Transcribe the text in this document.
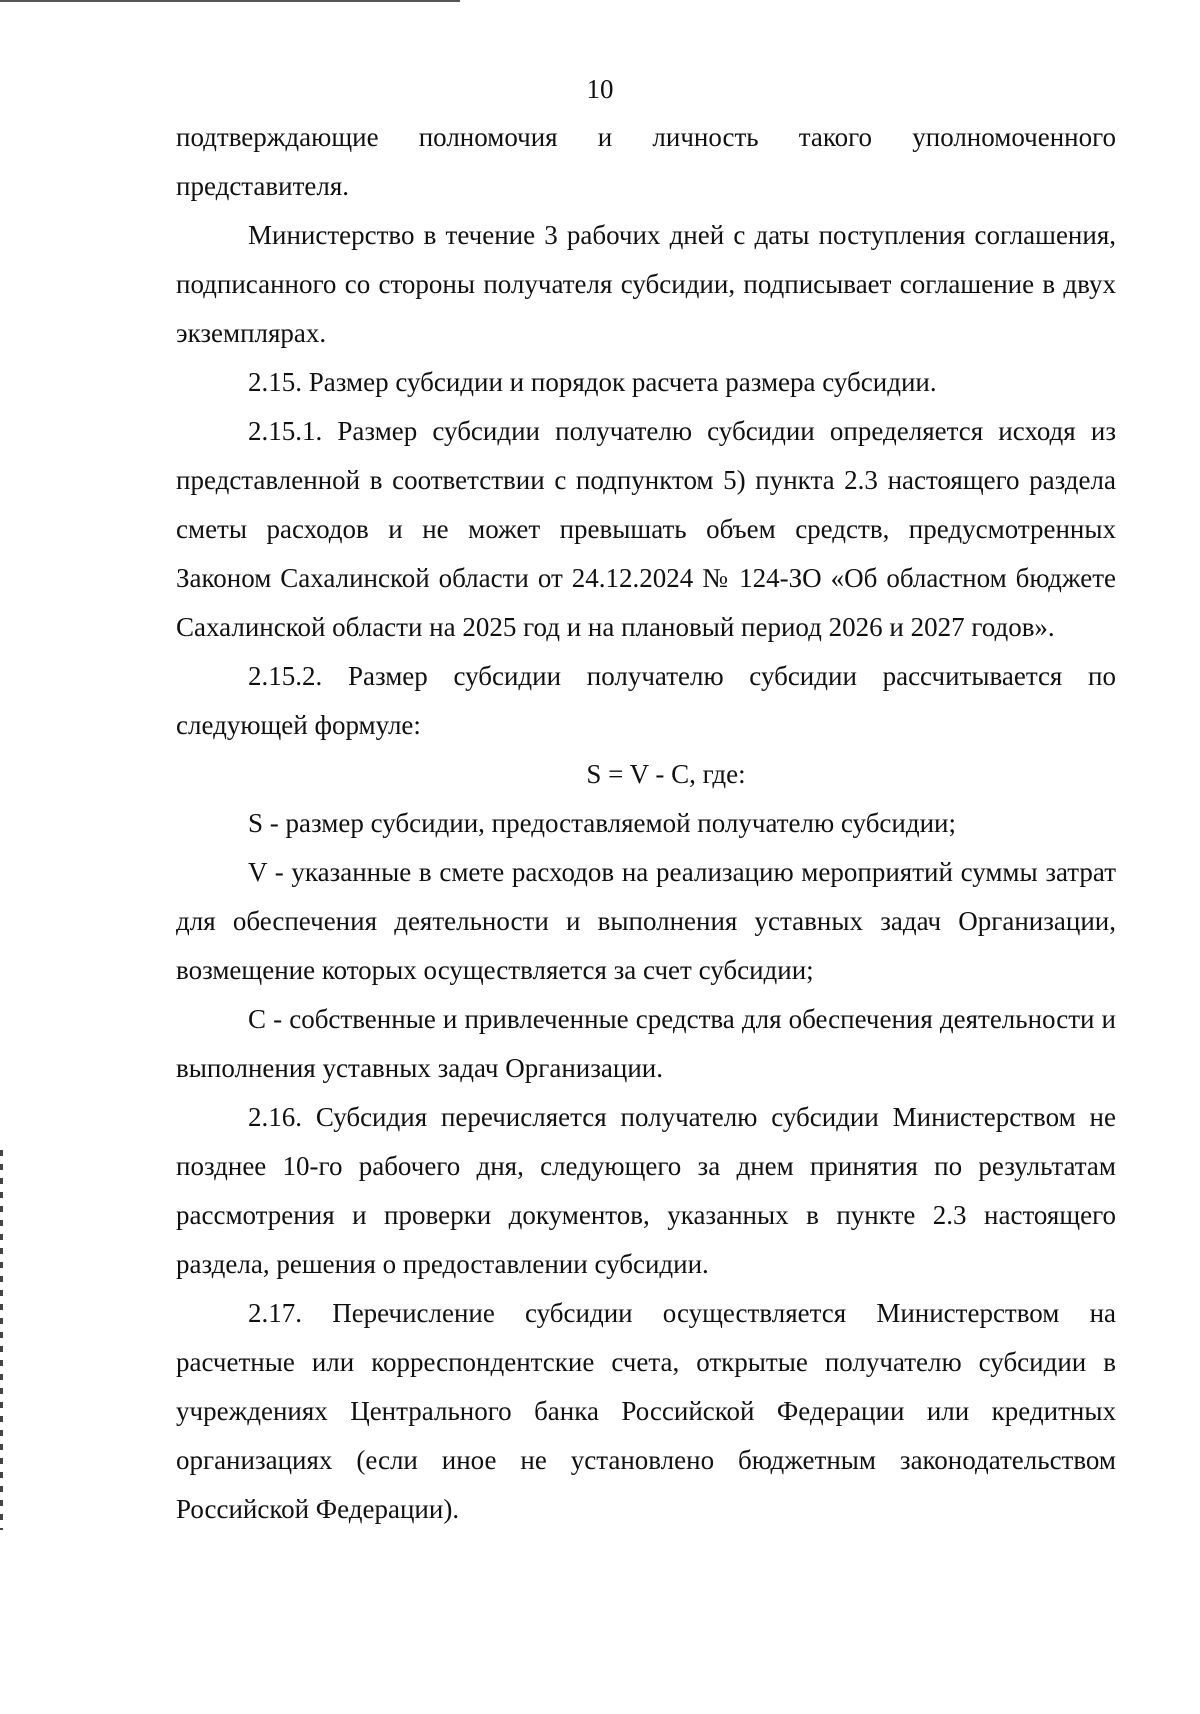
10

подтверждающие полномочия и личность такого уполномоченного представителя.

Министерство в течение 3 рабочих дней с даты поступления соглашения, подписанного со стороны получателя субсидии, подписывает соглашение в двух экземплярах.

2.15. Размер субсидии и порядок расчета размера субсидии.

2.15.1. Размер субсидии получателю субсидии определяется исходя из представленной в соответствии с подпунктом 5) пункта 2.3 настоящего раздела сметы расходов и не может превышать объем средств, предусмотренных Законом Сахалинской области от 24.12.2024 № 124-ЗО «Об областном бюджете Сахалинской области на 2025 год и на плановый период 2026 и 2027 годов».

2.15.2. Размер субсидии получателю субсидии рассчитывается по следующей формуле:

S = V - C, где:

S - размер субсидии, предоставляемой получателю субсидии;

V - указанные в смете расходов на реализацию мероприятий суммы затрат для обеспечения деятельности и выполнения уставных задач Организации, возмещение которых осуществляется за счет субсидии;

C - собственные и привлеченные средства для обеспечения деятельности и выполнения уставных задач Организации.

2.16. Субсидия перечисляется получателю субсидии Министерством не позднее 10-го рабочего дня, следующего за днем принятия по результатам рассмотрения и проверки документов, указанных в пункте 2.3 настоящего раздела, решения о предоставлении субсидии.

2.17. Перечисление субсидии осуществляется Министерством на расчетные или корреспондентские счета, открытые получателю субсидии в учреждениях Центрального банка Российской Федерации или кредитных организациях (если иное не установлено бюджетным законодательством Российской Федерации).
